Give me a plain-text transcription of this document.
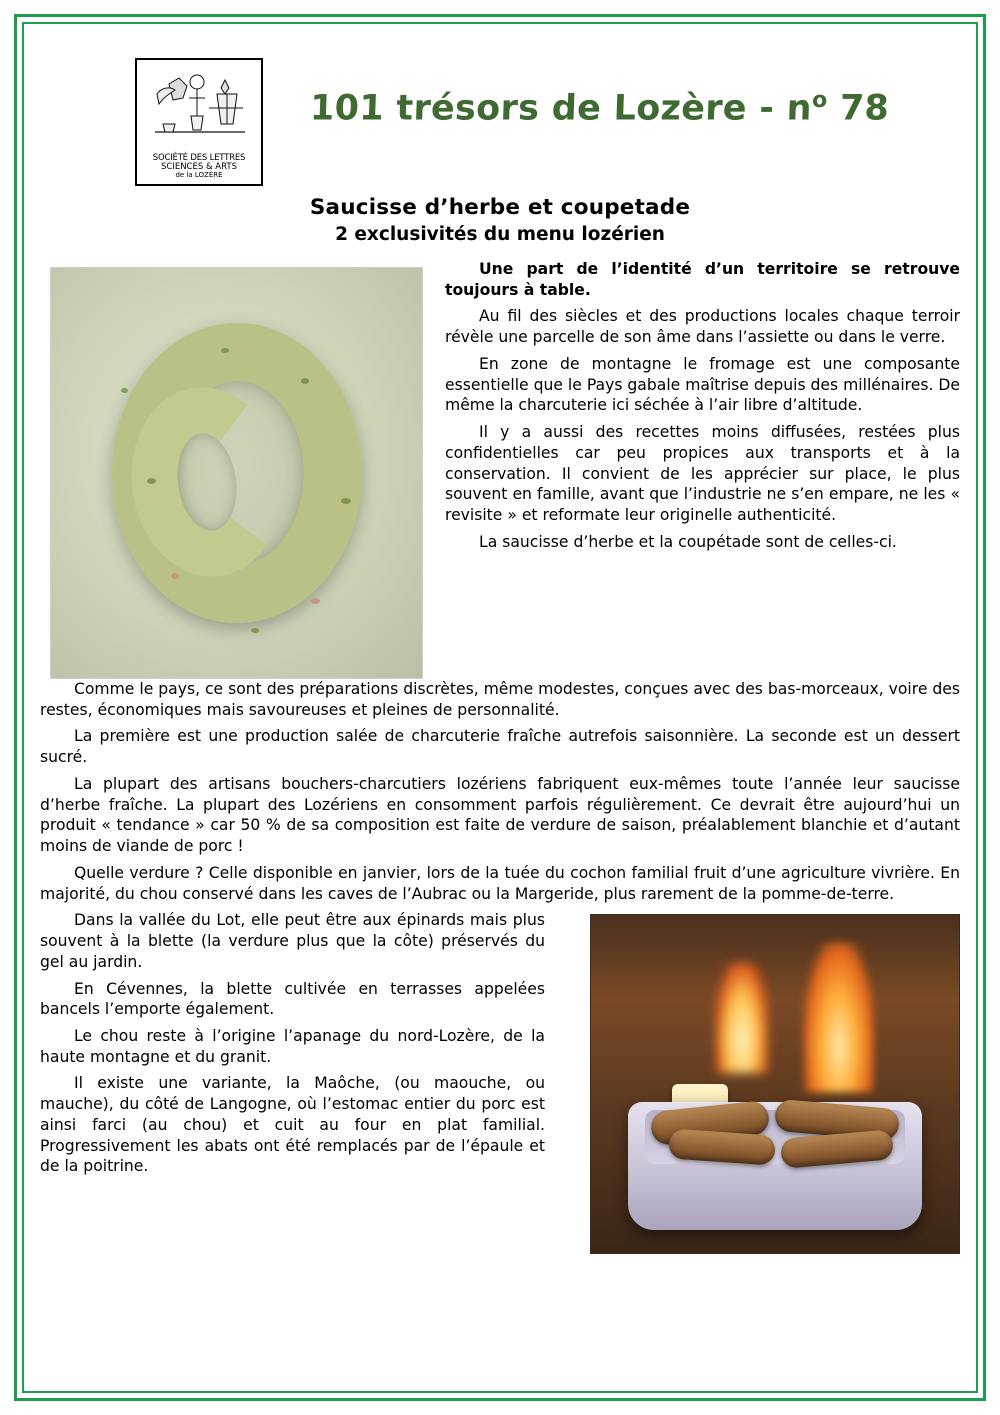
SOCIÉTÉ DES LETTRES
SCIENCES & ARTS
de la LOZÈRE
101 trésors de Lozère - $n^o$ 78
Saucisse d’herbe et coupetade
2 exclusivités du menu lozérien

Une part de l’identité d’un territoire se retrouve toujours à table.

Au fil des siècles et des productions locales chaque terroir révèle une parcelle de son âme dans l’assiette ou dans le verre.

En zone de montagne le fromage est une composante essentielle que le Pays gabale maîtrise depuis des millénaires. De même la charcuterie ici séchée à l’air libre d’altitude.

Il y a aussi des recettes moins diffusées, restées plus confidentielles car peu propices aux transports et à la conservation. Il convient de les apprécier sur place, le plus souvent en famille, avant que l’industrie ne s’en empare, ne les « revisite » et reformate leur originelle authenticité.

La saucisse d’herbe et la coupétade sont de celles-ci.

Comme le pays, ce sont des préparations discrètes, même modestes, conçues avec des bas-morceaux, voire des restes, économiques mais savoureuses et pleines de personnalité.

La première est une production salée de charcuterie fraîche autrefois saisonnière. La seconde est un dessert sucré.

La plupart des artisans bouchers-charcutiers lozériens fabriquent eux-mêmes toute l’année leur saucisse d’herbe fraîche. La plupart des Lozériens en consomment parfois régulièrement. Ce devrait être aujourd’hui un produit « tendance » car 50 % de sa composition est faite de verdure de saison, préalablement blanchie et d’autant moins de viande de porc !

Quelle verdure ? Celle disponible en janvier, lors de la tuée du cochon familial fruit d’une agriculture vivrière. En majorité, du chou conservé dans les caves de l’Aubrac ou la Margeride, plus rarement de la pomme-de-terre.

Dans la vallée du Lot, elle peut être aux épinards mais plus souvent à la blette (la verdure plus que la côte) préservés du gel au jardin.

En Cévennes, la blette cultivée en terrasses appelées bancels l’emporte également.

Le chou reste à l’origine l’apanage du nord-Lozère, de la haute montagne et du granit.

Il existe une variante, la Maôche, (ou maouche, ou mauche), du côté de Langogne, où l’estomac entier du porc est ainsi farci (au chou) et cuit au four en plat familial. Progressivement les abats ont été remplacés par de l’épaule et de la poitrine.
